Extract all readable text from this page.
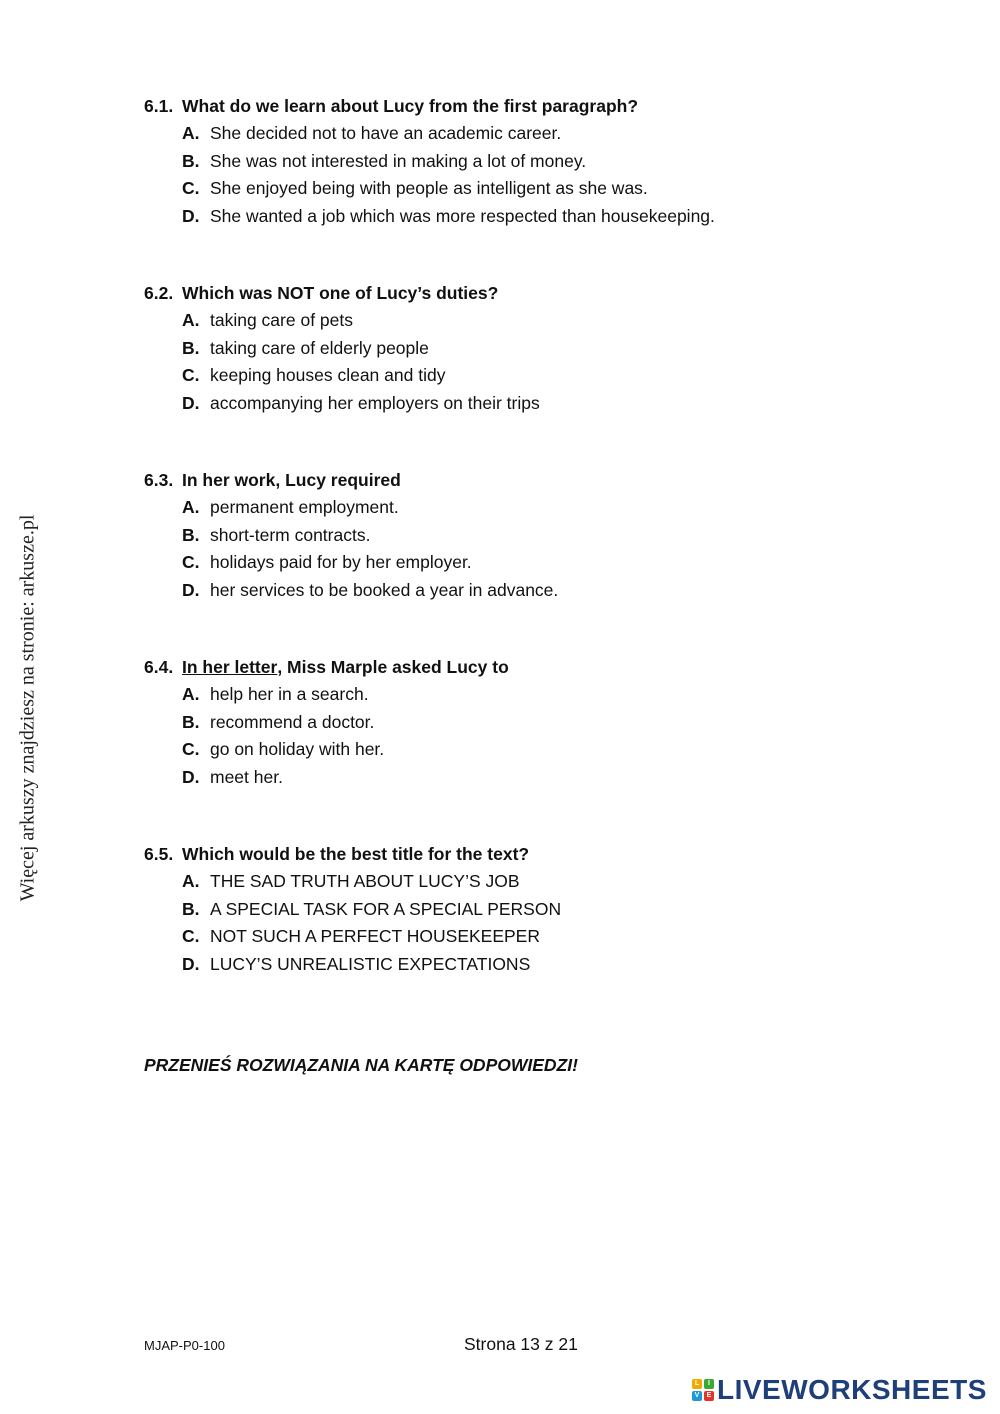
Więcej arkuszy znajdziesz na stronie: arkusze.pl
6.1. What do we learn about Lucy from the first paragraph?
A. She decided not to have an academic career.
B. She was not interested in making a lot of money.
C. She enjoyed being with people as intelligent as she was.
D. She wanted a job which was more respected than housekeeping.
6.2. Which was NOT one of Lucy’s duties?
A. taking care of pets
B. taking care of elderly people
C. keeping houses clean and tidy
D. accompanying her employers on their trips
6.3. In her work, Lucy required
A. permanent employment.
B. short-term contracts.
C. holidays paid for by her employer.
D. her services to be booked a year in advance.
6.4. In her letter , Miss Marple asked Lucy to
A. help her in a search.
B. recommend a doctor.
C. go on holiday with her.
D. meet her.
6.5. Which would be the best title for the text?
A. THE SAD TRUTH ABOUT LUCY’S JOB
B. A SPECIAL TASK FOR A SPECIAL PERSON
C. NOT SUCH A PERFECT HOUSEKEEPER
D. LUCY’S UNREALISTIC EXPECTATIONS
PRZENIEŚ ROZWIĄZANIA NA KARTĘ ODPOWIEDZI!
MJAP-P0-100	Strona 13 z 21
L	I
V	E LIVEWORKSHEETS
